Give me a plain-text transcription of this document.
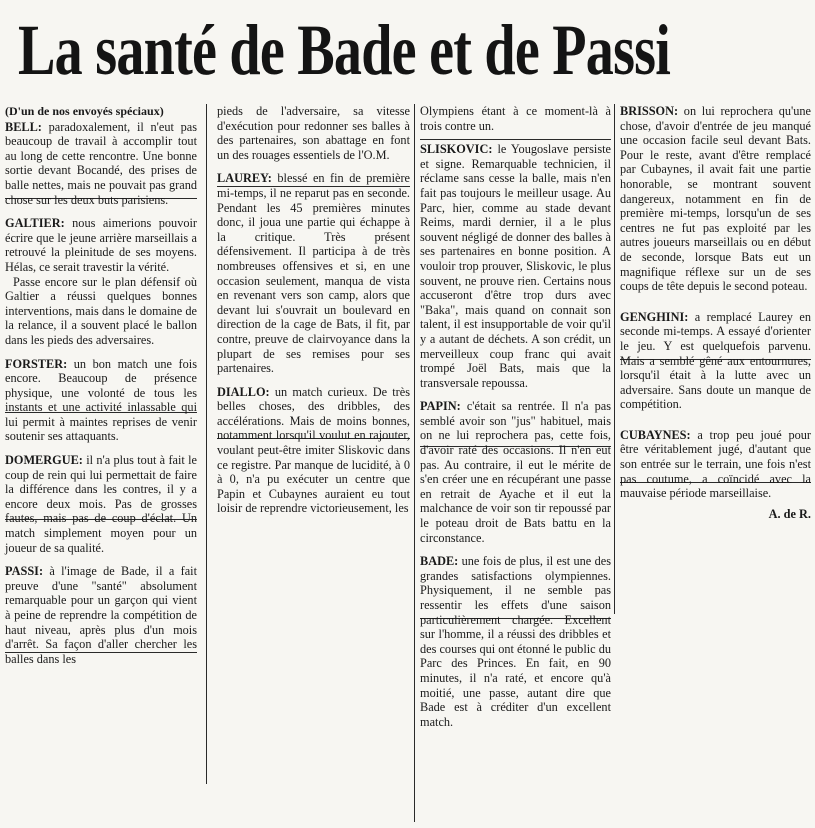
La santé de Bade et de Passi

(D'un de nos envoyés spéciaux)

BELL: paradoxalement, il n'eut pas beaucoup de travail à accomplir tout au long de cette rencontre. Une bonne sortie devant Bocandé, des prises de balle nettes, mais ne pouvait pas grand chose sur les deux buts parisiens.

GALTIER: nous aimerions pouvoir écrire que le jeune arrière marseillais a retrouvé la pleinitude de ses moyens. Hélas, ce serait travestir la vérité.

Passe encore sur le plan défensif où Galtier a réussi quelques bonnes interventions, mais dans le domaine de la relance, il a souvent placé le ballon dans les pieds des adversaires.

FORSTER: un bon match une fois encore. Beaucoup de présence physique, une volonté de tous les instants et une activité inlassable qui lui permit à maintes reprises de venir soutenir ses attaquants.

DOMERGUE: il n'a plus tout à fait le coup de rein qui lui permettait de faire la différence dans les contres, il y a encore deux mois. Pas de grosses fautes, mais pas de coup d'éclat. Un match simplement moyen pour un joueur de sa qualité.

PASSI: à l'image de Bade, il a fait preuve d'une "santé" absolument remarquable pour un garçon qui vient à peine de reprendre la compétition de haut niveau, après plus d'un mois d'arrêt. Sa façon d'aller chercher les balles dans les

pieds de l'adversaire, sa vitesse d'exécution pour redonner ses balles à des partenaires, son abattage en font un des rouages essentiels de l'O.M.

LAUREY: blessé en fin de première mi-temps, il ne reparut pas en seconde. Pendant les 45 premières minutes donc, il joua une partie qui échappe à la critique. Très présent défensivement. Il participa à de très nombreuses offensives et si, en une occasion seulement, manqua de vista en revenant vers son camp, alors que devant lui s'ouvrait un boulevard en direction de la cage de Bats, il fit, par contre, preuve de clairvoyance dans la plupart de ses remises pour ses partenaires.

DIALLO: un match curieux. De très belles choses, des dribbles, des accélérations. Mais de moins bonnes, notamment lorsqu'il voulut en rajouter, voulant peut-être imiter Sliskovic dans ce registre. Par manque de lucidité, à 0 à 0, n'a pu exécuter un centre que Papin et Cubaynes auraient eu tout loisir de reprendre victorieusement, les

Olympiens étant à ce moment-là à trois contre un.

SLISKOVIC: le Yougoslave persiste et signe. Remarquable technicien, il réclame sans cesse la balle, mais n'en fait pas toujours le meilleur usage. Au Parc, hier, comme au stade devant Reims, mardi dernier, il a le plus souvent négligé de donner des balles à ses partenaires en bonne position. A vouloir trop prouver, Sliskovic, le plus souvent, ne prouve rien. Certains nous accuseront d'être trop durs avec "Baka", mais quand on connait son talent, il est insupportable de voir qu'il y a autant de déchets. A son crédit, un merveilleux coup franc qui avait trompé Joël Bats, mais que la transversale repoussa.

PAPIN: c'était sa rentrée. Il n'a pas semblé avoir son "jus" habituel, mais on ne lui reprochera pas, cette fois, d'avoir raté des occasions. Il n'en eut pas. Au contraire, il eut le mérite de s'en créer une en récupérant une passe en retrait de Ayache et il eut la malchance de voir son tir repoussé par le poteau droit de Bats battu en la circonstance.

BADE: une fois de plus, il est une des grandes satisfactions olympiennes. Physiquement, il ne semble pas ressentir les effets d'une saison particulièrement chargée. Excellent sur l'homme, il a réussi des dribbles et des courses qui ont étonné le public du Parc des Princes. En fait, en 90 minutes, il n'a raté, et encore qu'à moitié, une passe, autant dire que Bade est à créditer d'un excellent match.

BRISSON: on lui reprochera qu'une chose, d'avoir d'entrée de jeu manqué une occasion facile seul devant Bats. Pour le reste, avant d'être remplacé par Cubaynes, il avait fait une partie honorable, se montrant souvent dangereux, notamment en fin de première mi-temps, lorsqu'un de ses centres ne fut pas exploité par les autres joueurs marseillais ou en début de seconde, lorsque Bats eut un magnifique réflexe sur un de ses coups de tête depuis le second poteau.

GENGHINI: a remplacé Laurey en seconde mi-temps. A essayé d'orienter le jeu. Y est quelquefois parvenu. Mais a semblé gêné aux entournures, lorsqu'il était à la lutte avec un adversaire. Sans doute un manque de compétition.

CUBAYNES: a trop peu joué pour être véritablement jugé, d'autant que son entrée sur le terrain, une fois n'est pas coutume, a coïncidé avec la mauvaise période marseillaise.

A. de R.
